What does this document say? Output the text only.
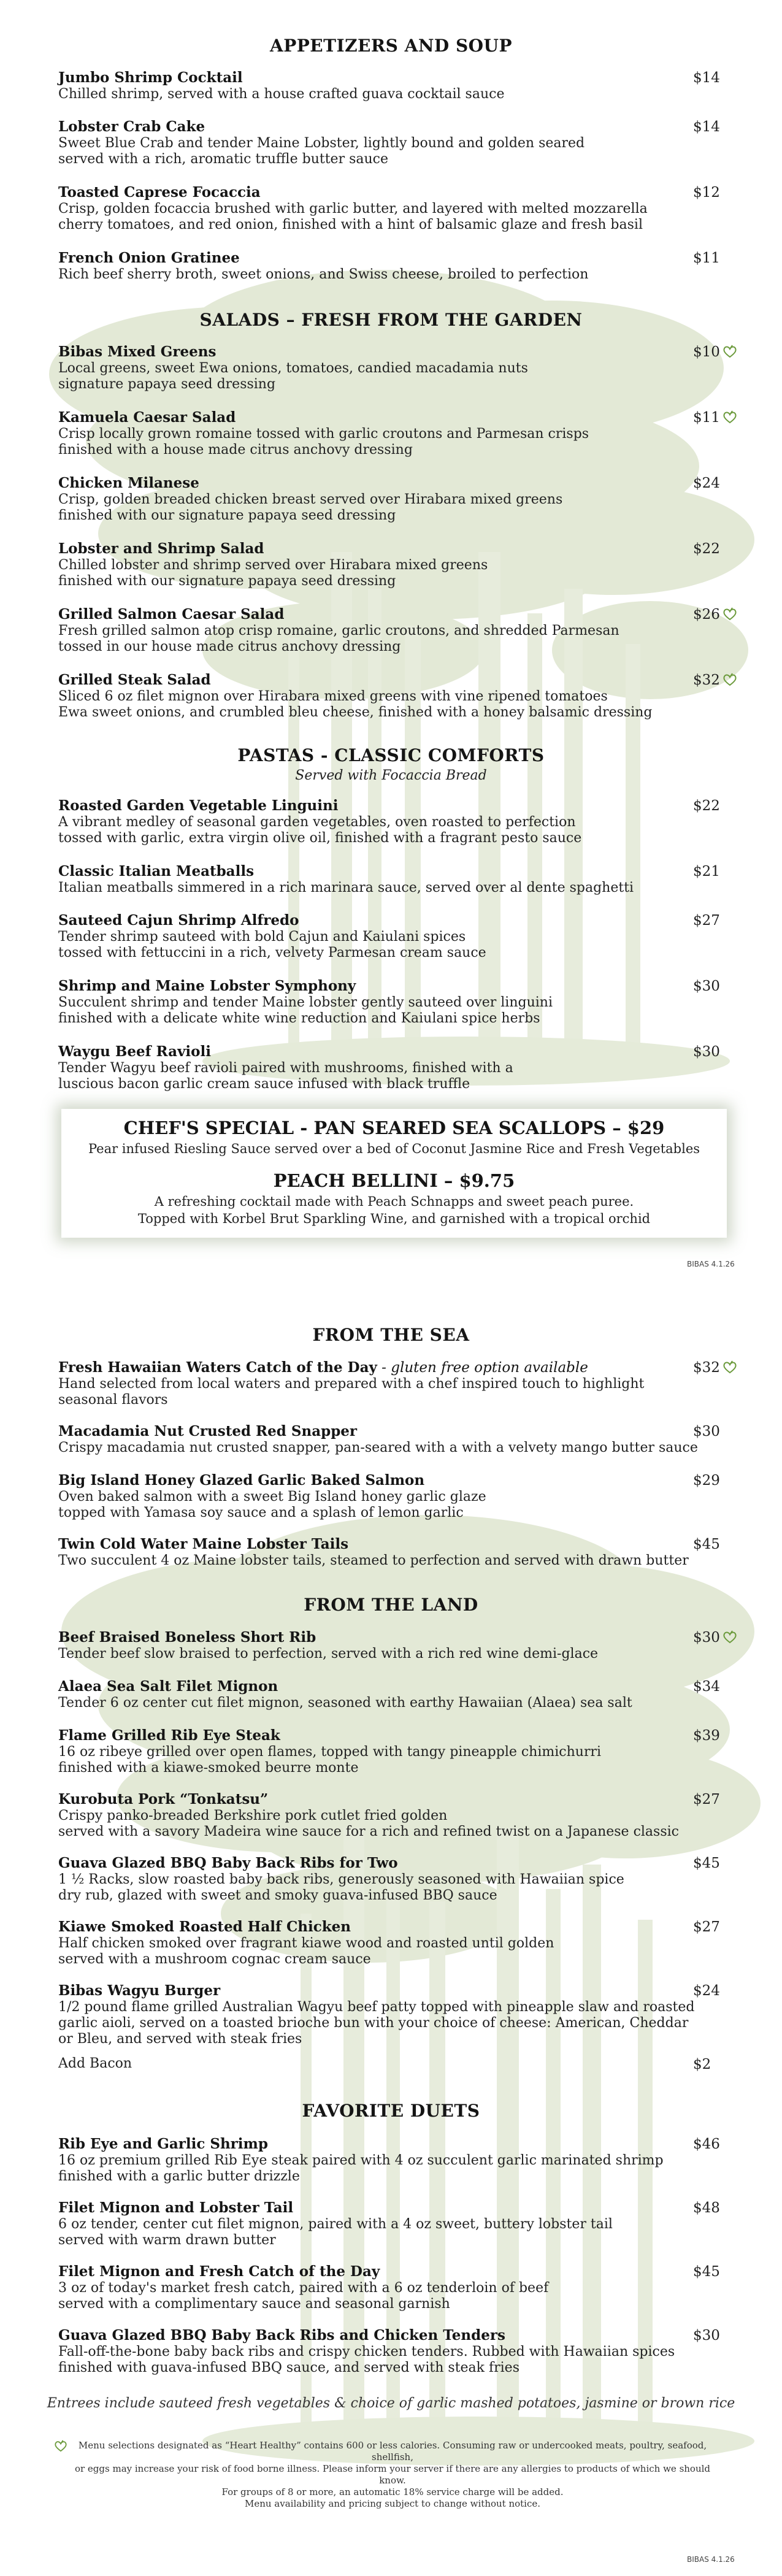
APPETIZERS AND SOUP
Jumbo Shrimp Cocktail
Chilled shrimp, served with a house crafted guava cocktail sauce
$14
Lobster Crab Cake
Sweet Blue Crab and tender Maine Lobster, lightly bound and golden seared
served with a rich, aromatic truffle butter sauce
$14
Toasted Caprese Focaccia
Crisp, golden focaccia brushed with garlic butter, and layered with melted mozzarella
cherry tomatoes, and red onion, finished with a hint of balsamic glaze and fresh basil
$12
French Onion Gratinee
Rich beef sherry broth, sweet onions, and Swiss cheese, broiled to perfection
$11
SALADS – FRESH FROM THE GARDEN
Bibas Mixed Greens
Local greens, sweet Ewa onions, tomatoes, candied macadamia nuts
signature papaya seed dressing
$10
Kamuela Caesar Salad
Crisp locally grown romaine tossed with garlic croutons and Parmesan crisps
finished with a house made citrus anchovy dressing
$11
Chicken Milanese
Crisp, golden breaded chicken breast served over Hirabara mixed greens
finished with our signature papaya seed dressing
$24
Lobster and Shrimp Salad
Chilled lobster and shrimp served over Hirabara mixed greens
finished with our signature papaya seed dressing
$22
Grilled Salmon Caesar Salad
Fresh grilled salmon atop crisp romaine, garlic croutons, and shredded Parmesan
tossed in our house made citrus anchovy dressing
$26
Grilled Steak Salad
Sliced 6 oz filet mignon over Hirabara mixed greens with vine ripened tomatoes
Ewa sweet onions, and crumbled bleu cheese, finished with a honey balsamic dressing
$32
PASTAS - CLASSIC COMFORTS
Served with Focaccia Bread
Roasted Garden Vegetable Linguini
A vibrant medley of seasonal garden vegetables, oven roasted to perfection
tossed with garlic, extra virgin olive oil, finished with a fragrant pesto sauce
$22
Classic Italian Meatballs
Italian meatballs simmered in a rich marinara sauce, served over al dente spaghetti
$21
Sauteed Cajun Shrimp Alfredo
Tender shrimp sauteed with bold Cajun and Kaiulani spices
tossed with fettuccini in a rich, velvety Parmesan cream sauce
$27
Shrimp and Maine Lobster Symphony
Succulent shrimp and tender Maine lobster gently sauteed over linguini
finished with a delicate white wine reduction and Kaiulani spice herbs
$30
Waygu Beef Ravioli
Tender Wagyu beef ravioli paired with mushrooms, finished with a
luscious bacon garlic cream sauce infused with black truffle
$30
CHEF'S SPECIAL - PAN SEARED SEA SCALLOPS – $29
Pear infused Riesling Sauce served over a bed of Coconut Jasmine Rice and Fresh Vegetables
PEACH BELLINI – $9.75
A refreshing cocktail made with Peach Schnapps and sweet peach puree.
Topped with Korbel Brut Sparkling Wine, and garnished with a tropical orchid
BIBAS 4.1.26
FROM THE SEA
Fresh Hawaiian Waters Catch of the Day - gluten free option available
Hand selected from local waters and prepared with a chef inspired touch to highlight
seasonal flavors
$32
Macadamia Nut Crusted Red Snapper
Crispy macadamia nut crusted snapper, pan-seared with a with a velvety mango butter sauce
$30
Big Island Honey Glazed Garlic Baked Salmon
Oven baked salmon with a sweet Big Island honey garlic glaze
topped with Yamasa soy sauce and a splash of lemon garlic
$29
Twin Cold Water Maine Lobster Tails
Two succulent 4 oz Maine lobster tails, steamed to perfection and served with drawn butter
$45
FROM THE LAND
Beef Braised Boneless Short Rib
Tender beef slow braised to perfection, served with a rich red wine demi-glace
$30
Alaea Sea Salt Filet Mignon
Tender 6 oz center cut filet mignon, seasoned with earthy Hawaiian (Alaea) sea salt
$34
Flame Grilled Rib Eye Steak
16 oz ribeye grilled over open flames, topped with tangy pineapple chimichurri
finished with a kiawe-smoked beurre monte
$39
Kurobuta Pork “Tonkatsu”
Crispy panko-breaded Berkshire pork cutlet fried golden
served with a savory Madeira wine sauce for a rich and refined twist on a Japanese classic
$27
Guava Glazed BBQ Baby Back Ribs for Two
1 ½ Racks, slow roasted baby back ribs, generously seasoned with Hawaiian spice
dry rub, glazed with sweet and smoky guava-infused BBQ sauce
$45
Kiawe Smoked Roasted Half Chicken
Half chicken smoked over fragrant kiawe wood and roasted until golden
served with a mushroom cognac cream sauce
$27
Bibas Wagyu Burger
1/2 pound flame grilled Australian Wagyu beef patty topped with pineapple slaw and roasted
garlic aioli, served on a toasted brioche bun with your choice of cheese: American, Cheddar
or Bleu, and served with steak fries
$24
Add Bacon	$2
FAVORITE DUETS
Rib Eye and Garlic Shrimp
16 oz premium grilled Rib Eye steak paired with 4 oz succulent garlic marinated shrimp
finished with a garlic butter drizzle
$46
Filet Mignon and Lobster Tail
6 oz tender, center cut filet mignon, paired with a 4 oz sweet, buttery lobster tail
served with warm drawn butter
$48
Filet Mignon and Fresh Catch of the Day
3 oz of today's market fresh catch, paired with a 6 oz tenderloin of beef
served with a complimentary sauce and seasonal garnish
$45
Guava Glazed BBQ Baby Back Ribs and Chicken Tenders
Fall-off-the-bone baby back ribs and crispy chicken tenders. Rubbed with Hawaiian spices
finished with guava-infused BBQ sauce, and served with steak fries
$30
Entrees include sauteed fresh vegetables & choice of garlic mashed potatoes, jasmine or brown rice
Menu selections designated as “Heart Healthy” contains 600 or less calories. Consuming raw or undercooked meats, poultry, seafood, shellfish,
or eggs may increase your risk of food borne illness. Please inform your server if there are any allergies to products of which we should know.
For groups of 8 or more, an automatic 18% service charge will be added.
Menu availability and pricing subject to change without notice.
BIBAS 4.1.26
